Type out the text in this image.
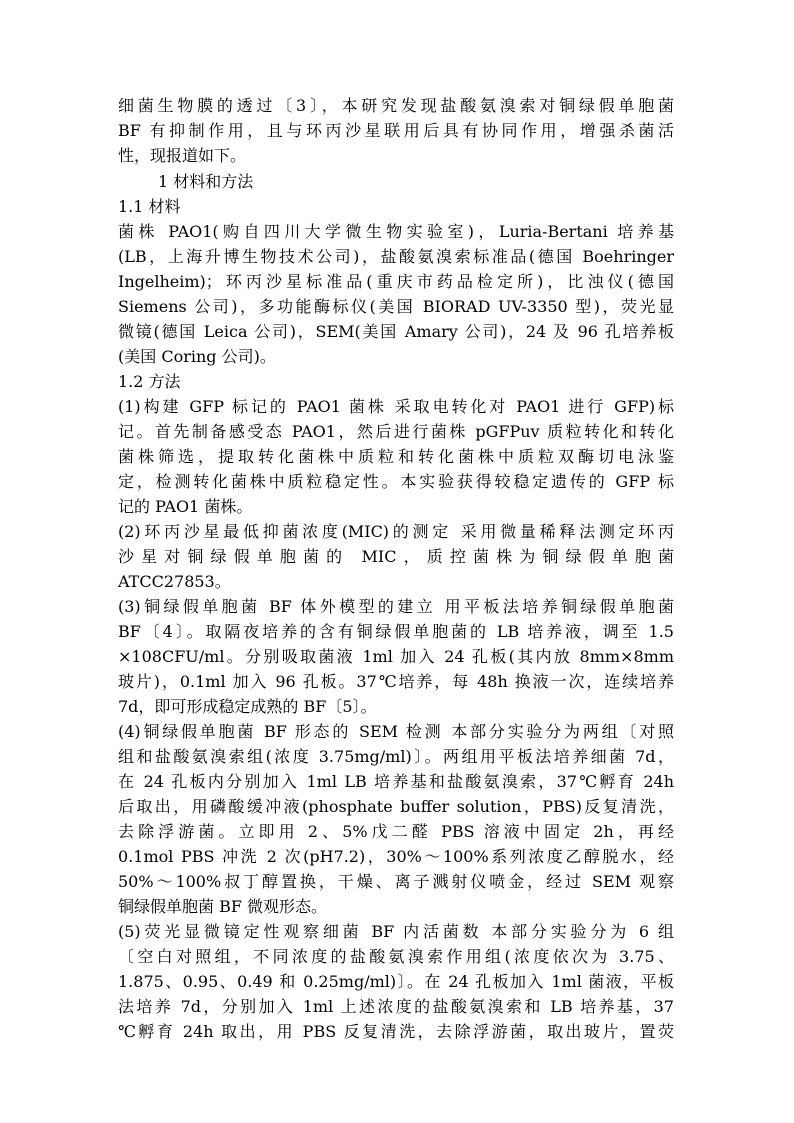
细菌生物膜的透过〔3〕，本研究发现盐酸氨溴索对铜绿假单胞菌
BF 有抑制作用，且与环丙沙星联用后具有协同作用，增强杀菌活
性，现报道如下。
1 材料和方法
1.1 材料
菌株 PAO1(购自四川大学微生物实验室)，Luria-Bertani 培养基
(LB，上海升博生物技术公司)，盐酸氨溴索标准品(德国 Boehringer
Ingelheim)；环丙沙星标准品(重庆市药品检定所)，比浊仪(德国
Siemens 公司)，多功能酶标仪(美国 BIORAD UV-3350 型)，荧光显
微镜(德国 Leica 公司)，SEM(美国 Amary 公司)，24 及 96 孔培养板
(美国 Coring 公司)。
1.2 方法
(1)构建 GFP 标记的 PAO1 菌株 采取电转化对 PAO1 进行 GFP)标
记。首先制备感受态 PAO1，然后进行菌株 pGFPuv 质粒转化和转化
菌株筛选，提取转化菌株中质粒和转化菌株中质粒双酶切电泳鉴
定，检测转化菌株中质粒稳定性。本实验获得较稳定遗传的 GFP 标
记的 PAO1 菌株。
(2)环丙沙星最低抑菌浓度(MIC)的测定 采用微量稀释法测定环丙
沙星对铜绿假单胞菌的 MIC，质控菌株为铜绿假单胞菌
ATCC27853。
(3)铜绿假单胞菌 BF 体外模型的建立 用平板法培养铜绿假单胞菌
BF〔4〕。取隔夜培养的含有铜绿假单胞菌的 LB 培养液，调至 1.5
×108CFU/ml。分别吸取菌液 1ml 加入 24 孔板(其内放 8mm×8mm
玻片)，0.1ml 加入 96 孔板。37℃培养，每 48h 换液一次，连续培养
7d，即可形成稳定成熟的 BF〔5〕。
(4)铜绿假单胞菌 BF 形态的 SEM 检测 本部分实验分为两组〔对照
组和盐酸氨溴索组(浓度 3.75mg/ml)〕。两组用平板法培养细菌 7d，
在 24 孔板内分别加入 1ml LB 培养基和盐酸氨溴索，37℃孵育 24h
后取出，用磷酸缓冲液(phosphate buffer solution，PBS)反复清洗，
去除浮游菌。立即用 2、5%戊二醛 PBS 溶液中固定 2h，再经
0.1mol PBS 冲洗 2 次(pH7.2)，30%～100%系列浓度乙醇脱水，经
50%～100%叔丁醇置换，干燥、离子溅射仪喷金，经过 SEM 观察
铜绿假单胞菌 BF 微观形态。
(5)荧光显微镜定性观察细菌 BF 内活菌数 本部分实验分为 6 组
〔空白对照组，不同浓度的盐酸氨溴索作用组(浓度依次为 3.75、
1.875、0.95、0.49 和 0.25mg/ml)〕。在 24 孔板加入 1ml 菌液，平板
法培养 7d，分别加入 1ml 上述浓度的盐酸氨溴索和 LB 培养基，37
℃孵育 24h 取出，用 PBS 反复清洗，去除浮游菌，取出玻片，置荧
